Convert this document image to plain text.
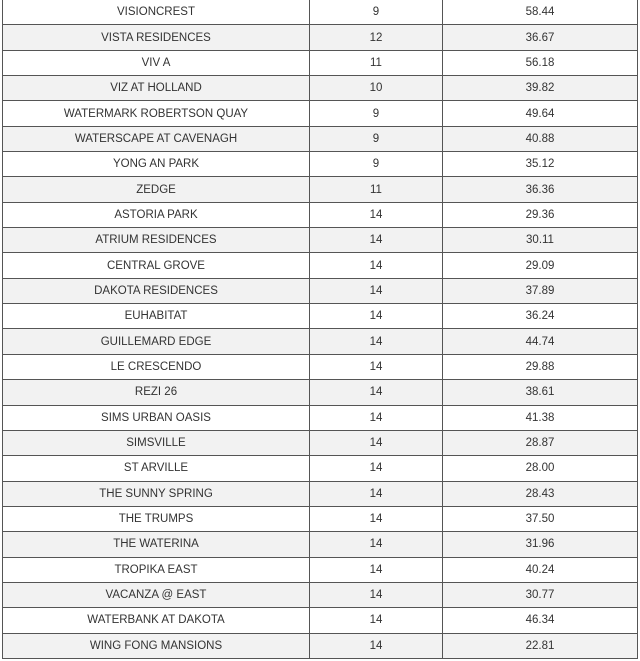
VISIONCREST	9	58.44
VISTA RESIDENCES	12	36.67
VIV A	11	56.18
VIZ AT HOLLAND	10	39.82
WATERMARK ROBERTSON QUAY	9	49.64
WATERSCAPE AT CAVENAGH	9	40.88
YONG AN PARK	9	35.12
ZEDGE	11	36.36
ASTORIA PARK	14	29.36
ATRIUM RESIDENCES	14	30.11
CENTRAL GROVE	14	29.09
DAKOTA RESIDENCES	14	37.89
EUHABITAT	14	36.24
GUILLEMARD EDGE	14	44.74
LE CRESCENDO	14	29.88
REZI 26	14	38.61
SIMS URBAN OASIS	14	41.38
SIMSVILLE	14	28.87
ST ARVILLE	14	28.00
THE SUNNY SPRING	14	28.43
THE TRUMPS	14	37.50
THE WATERINA	14	31.96
TROPIKA EAST	14	40.24
VACANZA @ EAST	14	30.77
WATERBANK AT DAKOTA	14	46.34
WING FONG MANSIONS	14	22.81
